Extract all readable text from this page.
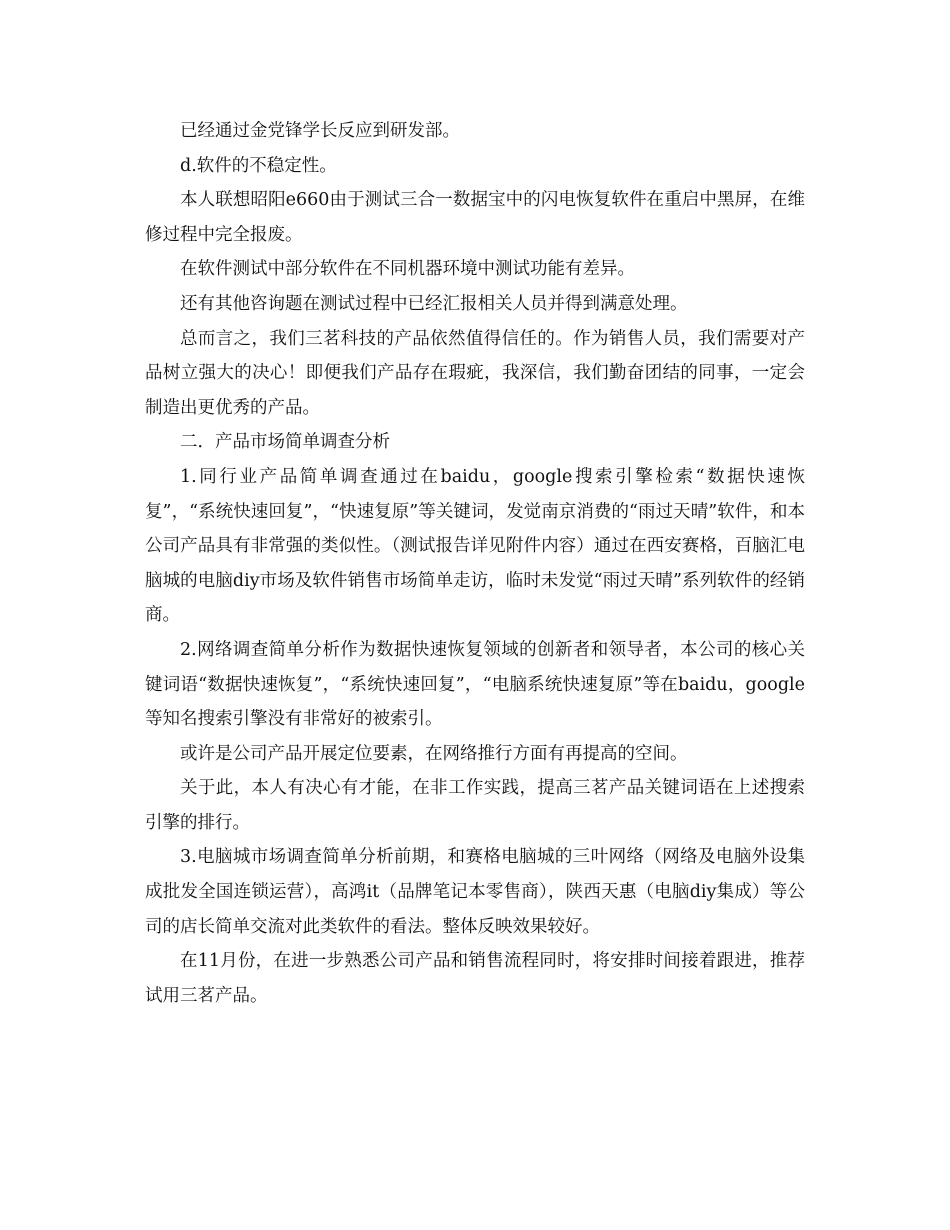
已经通过金党锋学长反应到研发部。

d.软件的不稳定性。

本人联想昭阳e660由于测试三合一数据宝中的闪电恢复软件在重启中黑屏，在维修过程中完全报废。

在软件测试中部分软件在不同机器环境中测试功能有差异。

还有其他咨询题在测试过程中已经汇报相关人员并得到满意处理。

总而言之，我们三茗科技的产品依然值得信任的。作为销售人员，我们需要对产品树立强大的决心！即便我们产品存在瑕疵，我深信，我们勤奋团结的同事，一定会制造出更优秀的产品。

二．产品市场简单调查分析

1.同行业产品简单调查通过在baidu，google搜索引擎检索“数据快速恢复”，“系统快速回复”，“快速复原”等关键词，发觉南京消费的“雨过天晴”软件，和本公司产品具有非常强的类似性。（测试报告详见附件内容）通过在西安赛格，百脑汇电脑城的电脑diy市场及软件销售市场简单走访，临时未发觉“雨过天晴”系列软件的经销商。

2.网络调查简单分析作为数据快速恢复领域的创新者和领导者，本公司的核心关键词语“数据快速恢复”，“系统快速回复”，“电脑系统快速复原”等在baidu，google等知名搜索引擎没有非常好的被索引。

或许是公司产品开展定位要素，在网络推行方面有再提高的空间。

关于此，本人有决心有才能，在非工作实践，提高三茗产品关键词语在上述搜索引擎的排行。

3.电脑城市场调查简单分析前期，和赛格电脑城的三叶网络（网络及电脑外设集成批发全国连锁运营），高鸿it（品牌笔记本零售商），陕西天惠（电脑diy集成）等公司的店长简单交流对此类软件的看法。整体反映效果较好。

在11月份，在进一步熟悉公司产品和销售流程同时，将安排时间接着跟进，推荐试用三茗产品。
